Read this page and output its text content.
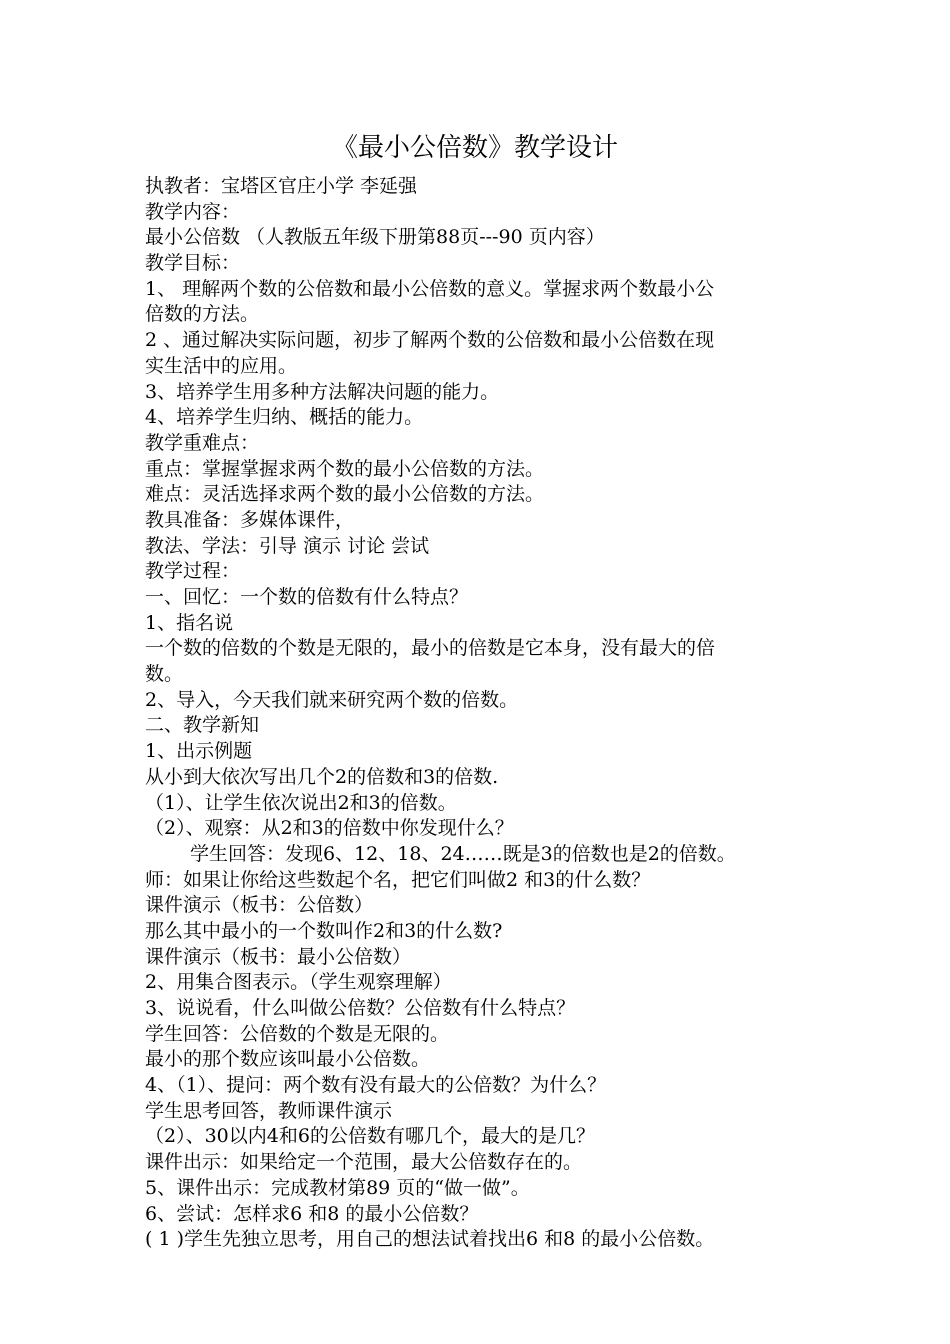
《最小公倍数》教学设计
执教者：宝塔区官庄小学 李延强
教学内容：
最小公倍数 （人教版五年级下册第88页---90 页内容）
教学目标：
1、 理解两个数的公倍数和最小公倍数的意义。掌握求两个数最小公
倍数的方法。
2 、通过解决实际问题，初步了解两个数的公倍数和最小公倍数在现
实生活中的应用。
3、培养学生用多种方法解决问题的能力。
4、培养学生归纳、概括的能力。
教学重难点：
重点：掌握掌握求两个数的最小公倍数的方法。
难点：灵活选择求两个数的最小公倍数的方法。
教具准备：多媒体课件，
教法、学法：引导 演示 讨论 尝试
教学过程：
一、回忆：一个数的倍数有什么特点？
1、指名说
一个数的倍数的个数是无限的，最小的倍数是它本身，没有最大的倍
数。
2、导入，今天我们就来研究两个数的倍数。
二、教学新知
1、出示例题
从小到大依次写出几个2的倍数和3的倍数.
（1）、让学生依次说出2和3的倍数。
（2）、观察：从2和3的倍数中你发现什么？
学生回答：发现6、12、18、24……既是3的倍数也是2的倍数。
师：如果让你给这些数起个名，把它们叫做2 和3的什么数？
课件演示（板书：公倍数）
那么其中最小的一个数叫作2和3的什么数?
课件演示（板书：最小公倍数）
2、用集合图表示。（学生观察理解）
3、说说看，什么叫做公倍数？公倍数有什么特点？
学生回答：公倍数的个数是无限的。
最小的那个数应该叫最小公倍数。
4、（1）、提问：两个数有没有最大的公倍数？为什么？
学生思考回答，教师课件演示
（2）、30以内4和6的公倍数有哪几个，最大的是几？
课件出示：如果给定一个范围，最大公倍数存在的。
5、课件出示：完成教材第89 页的“做一做”。
6、尝试：怎样求6 和8 的最小公倍数？
( 1 )学生先独立思考，用自己的想法试着找出6 和8 的最小公倍数。
